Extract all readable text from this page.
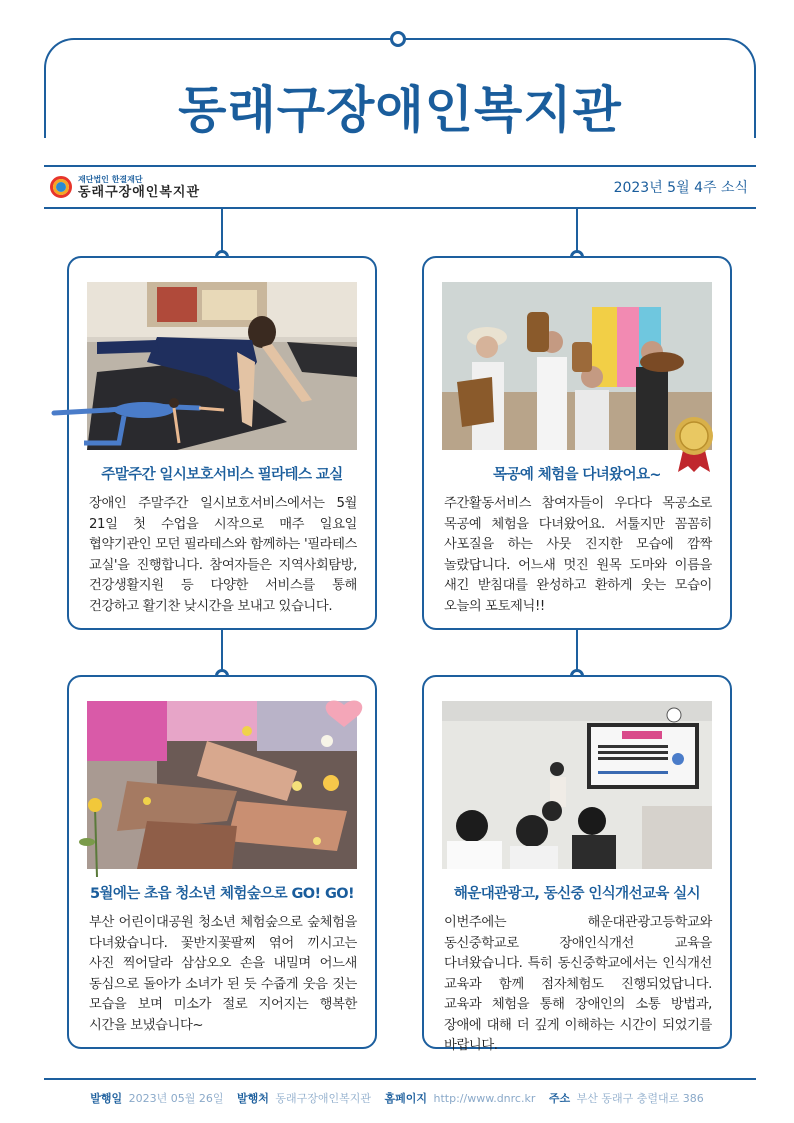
동래구장애인복지관
재단법인 한결재단
동래구장애인복지관	2023년 5월 4주 소식
주말주간 일시보호서비스 필라테스 교실
장애인 주말주간 일시보호서비스에서는 5월 21일 첫 수업을 시작으로 매주 일요일 협약기관인 모던 필라테스와 함께하는 '필라테스 교실'을 진행합니다. 참여자들은 지역사회탐방, 건강생활지원 등 다양한 서비스를 통해 건강하고 활기찬 낮시간을 보내고 있습니다.
목공예 체험을 다녀왔어요~
주간활동서비스 참여자들이 우다다 목공소로 목공예 체험을 다녀왔어요. 서툴지만 꼼꼼히 사포질을 하는 사뭇 진지한 모습에 깜짝 놀랐답니다. 어느새 멋진 원목 도마와 이름을 새긴 받침대를 완성하고 환하게 웃는 모습이 오늘의 포토제닉!!
5월에는 초읍 청소년 체험숲으로 GO! GO!
부산 어린이대공원 청소년 체험숲으로 숲체험을 다녀왔습니다. 꽃반지꽃팔찌 엮어 끼시고는 사진 찍어달라 삼삼오오 손을 내밀며 어느새 동심으로 돌아가 소녀가 된 듯 수줍게 웃음 짓는 모습을 보며 미소가 절로 지어지는 행복한 시간을 보냈습니다~
해운대관광고, 동신중 인식개선교육 실시
이번주에는 해운대관광고등학교와 동신중학교로 장애인식개선 교육을 다녀왔습니다. 특히 동신중학교에서는 인식개선 교육과 함께 점자체험도 진행되었답니다. 교육과 체험을 통해 장애인의 소통 방법과, 장애에 대해 더 깊게 이해하는 시간이 되었기를 바랍니다.
발행일 2023년 05월 26일 발행처 동래구장애인복지관 홈페이지 http://www.dnrc.kr 주소 부산 동래구 충렬대로 386
